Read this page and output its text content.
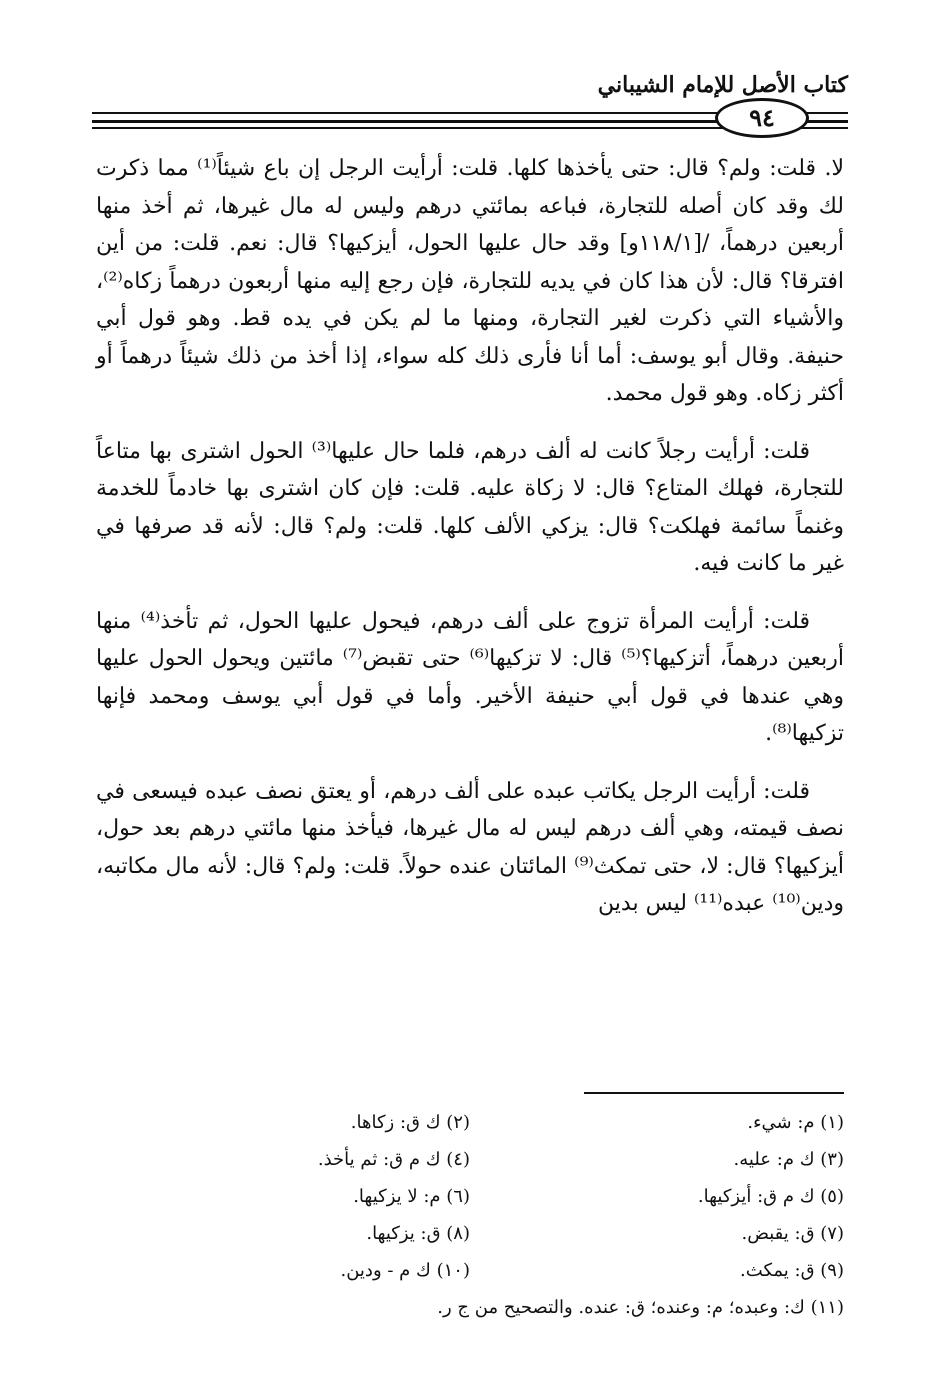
كتاب الأصل للإمام الشيباني
٩٤

لا. قلت: ولم؟ قال: حتى يأخذها كلها. قلت: أرأيت الرجل إن باع شيئاً⁽¹⁾ مما ذكرت لك وقد كان أصله للتجارة، فباعه بمائتي درهم وليس له مال غيرها، ثم أخذ منها أربعين درهماً، /[١١٨/١و] وقد حال عليها الحول، أيزكيها؟ قال: نعم. قلت: من أين افترقا؟ قال: لأن هذا كان في يديه للتجارة، فإن رجع إليه منها أربعون درهماً زكاه⁽²⁾، والأشياء التي ذكرت لغير التجارة، ومنها ما لم يكن في يده قط. وهو قول أبي حنيفة. وقال أبو يوسف: أما أنا فأرى ذلك كله سواء، إذا أخذ من ذلك شيئاً درهماً أو أكثر زكاه. وهو قول محمد.

قلت: أرأيت رجلاً كانت له ألف درهم، فلما حال عليها⁽³⁾ الحول اشترى بها متاعاً للتجارة، فهلك المتاع؟ قال: لا زكاة عليه. قلت: فإن كان اشترى بها خادماً للخدمة وغنماً سائمة فهلكت؟ قال: يزكي الألف كلها. قلت: ولم؟ قال: لأنه قد صرفها في غير ما كانت فيه.

قلت: أرأيت المرأة تزوج على ألف درهم، فيحول عليها الحول، ثم تأخذ⁽⁴⁾ منها أربعين درهماً، أتزكيها؟⁽⁵⁾ قال: لا تزكيها⁽⁶⁾ حتى تقبض⁽⁷⁾ مائتين ويحول الحول عليها وهي عندها في قول أبي حنيفة الأخير. وأما في قول أبي يوسف ومحمد فإنها تزكيها⁽⁸⁾.

قلت: أرأيت الرجل يكاتب عبده على ألف درهم، أو يعتق نصف عبده فيسعى في نصف قيمته، وهي ألف درهم ليس له مال غيرها، فيأخذ منها مائتي درهم بعد حول، أيزكيها؟ قال: لا، حتى تمكث⁽⁹⁾ المائتان عنده حولاً. قلت: ولم؟ قال: لأنه مال مكاتبه، ودين⁽¹⁰⁾ عبده⁽¹¹⁾ ليس بدين

(١) م: شيء.
(٢) ك ق: زكاها.
(٣) ك م: عليه.
(٤) ك م ق: ثم يأخذ.
(٥) ك م ق: أيزكيها.
(٦) م: لا يزكيها.
(٧) ق: يقبض.
(٨) ق: يزكيها.
(٩) ق: يمكث.
(١٠) ك م - ودين.
(١١) ك: وعبده؛ م: وعنده؛ ق: عنده. والتصحيح من ج ر.
